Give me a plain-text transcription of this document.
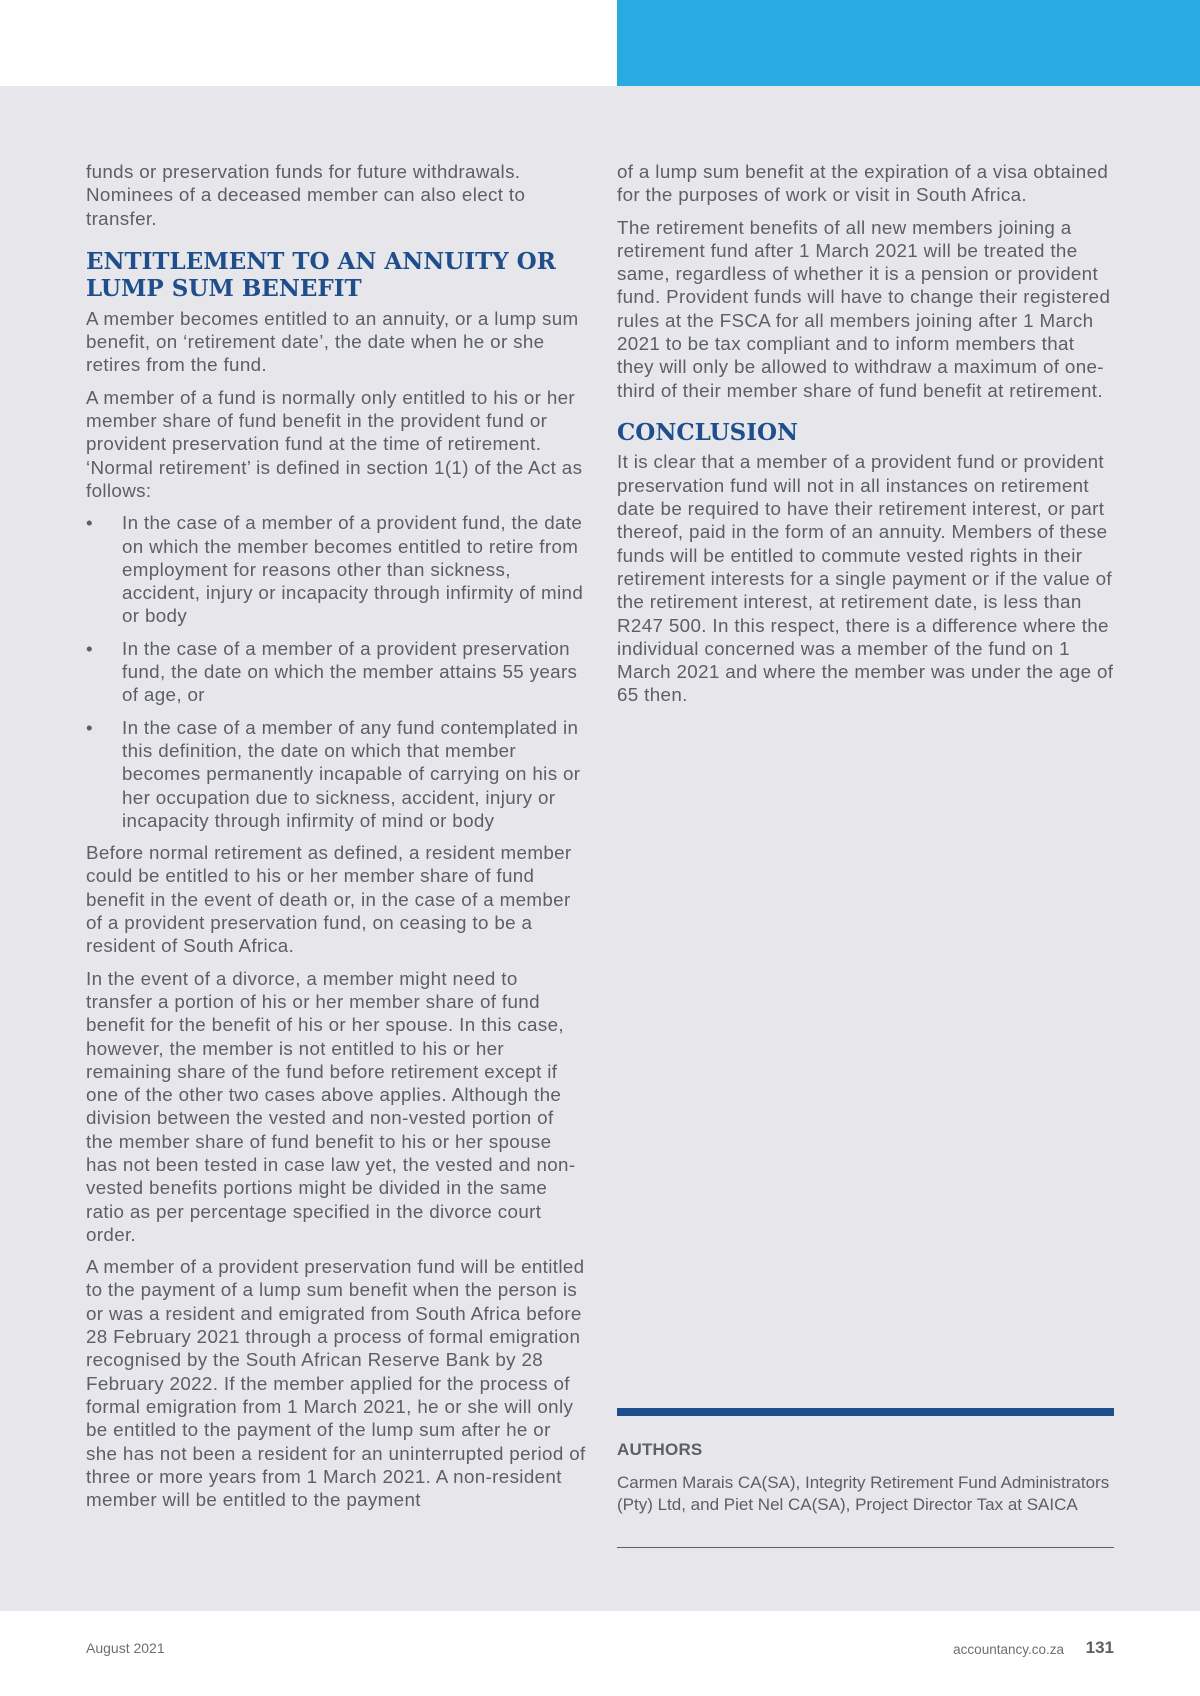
funds or preservation funds for future withdrawals. Nominees of a deceased member can also elect to transfer.

ENTITLEMENT TO AN ANNUITY OR LUMP SUM BENEFIT

A member becomes entitled to an annuity, or a lump sum benefit, on ‘retirement date’, the date when he or she retires from the fund.

A member of a fund is normally only entitled to his or her member share of fund benefit in the provident fund or provident preservation fund at the time of retirement. ‘Normal retirement’ is defined in section 1(1) of the Act as follows:

• In the case of a member of a provident fund, the date on which the member becomes entitled to retire from employment for reasons other than sickness, accident, injury or incapacity through infirmity of mind or body
• In the case of a member of a provident preservation fund, the date on which the member attains 55 years of age, or
• In the case of a member of any fund contemplated in this definition, the date on which that member becomes permanently incapable of carrying on his or her occupation due to sickness, accident, injury or incapacity through infirmity of mind or body

Before normal retirement as defined, a resident member could be entitled to his or her member share of fund benefit in the event of death or, in the case of a member of a provident preservation fund, on ceasing to be a resident of South Africa.

In the event of a divorce, a member might need to transfer a portion of his or her member share of fund benefit for the benefit of his or her spouse. In this case, however, the member is not entitled to his or her remaining share of the fund before retirement except if one of the other two cases above applies. Although the division between the vested and non-vested portion of the member share of fund benefit to his or her spouse has not been tested in case law yet, the vested and non-vested benefits portions might be divided in the same ratio as per percentage specified in the divorce court order.

A member of a provident preservation fund will be entitled to the payment of a lump sum benefit when the person is or was a resident and emigrated from South Africa before 28 February 2021 through a process of formal emigration recognised by the South African Reserve Bank by 28 February 2022. If the member applied for the process of formal emigration from 1 March 2021, he or she will only be entitled to the payment of the lump sum after he or she has not been a resident for an uninterrupted period of three or more years from 1 March 2021. A non-resident member will be entitled to the payment

of a lump sum benefit at the expiration of a visa obtained for the purposes of work or visit in South Africa.

The retirement benefits of all new members joining a retirement fund after 1 March 2021 will be treated the same, regardless of whether it is a pension or provident fund. Provident funds will have to change their registered rules at the FSCA for all members joining after 1 March 2021 to be tax compliant and to inform members that they will only be allowed to withdraw a maximum of one-third of their member share of fund benefit at retirement.

CONCLUSION

It is clear that a member of a provident fund or provident preservation fund will not in all instances on retirement date be required to have their retirement interest, or part thereof, paid in the form of an annuity. Members of these funds will be entitled to commute vested rights in their retirement interests for a single payment or if the value of the retirement interest, at retirement date, is less than R247 500. In this respect, there is a difference where the individual concerned was a member of the fund on 1 March 2021 and where the member was under the age of 65 then.

AUTHORS
Carmen Marais CA(SA), Integrity Retirement Fund Administrators (Pty) Ltd, and Piet Nel CA(SA), Project Director Tax at SAICA
August 2021	accountancy.co.za 131
